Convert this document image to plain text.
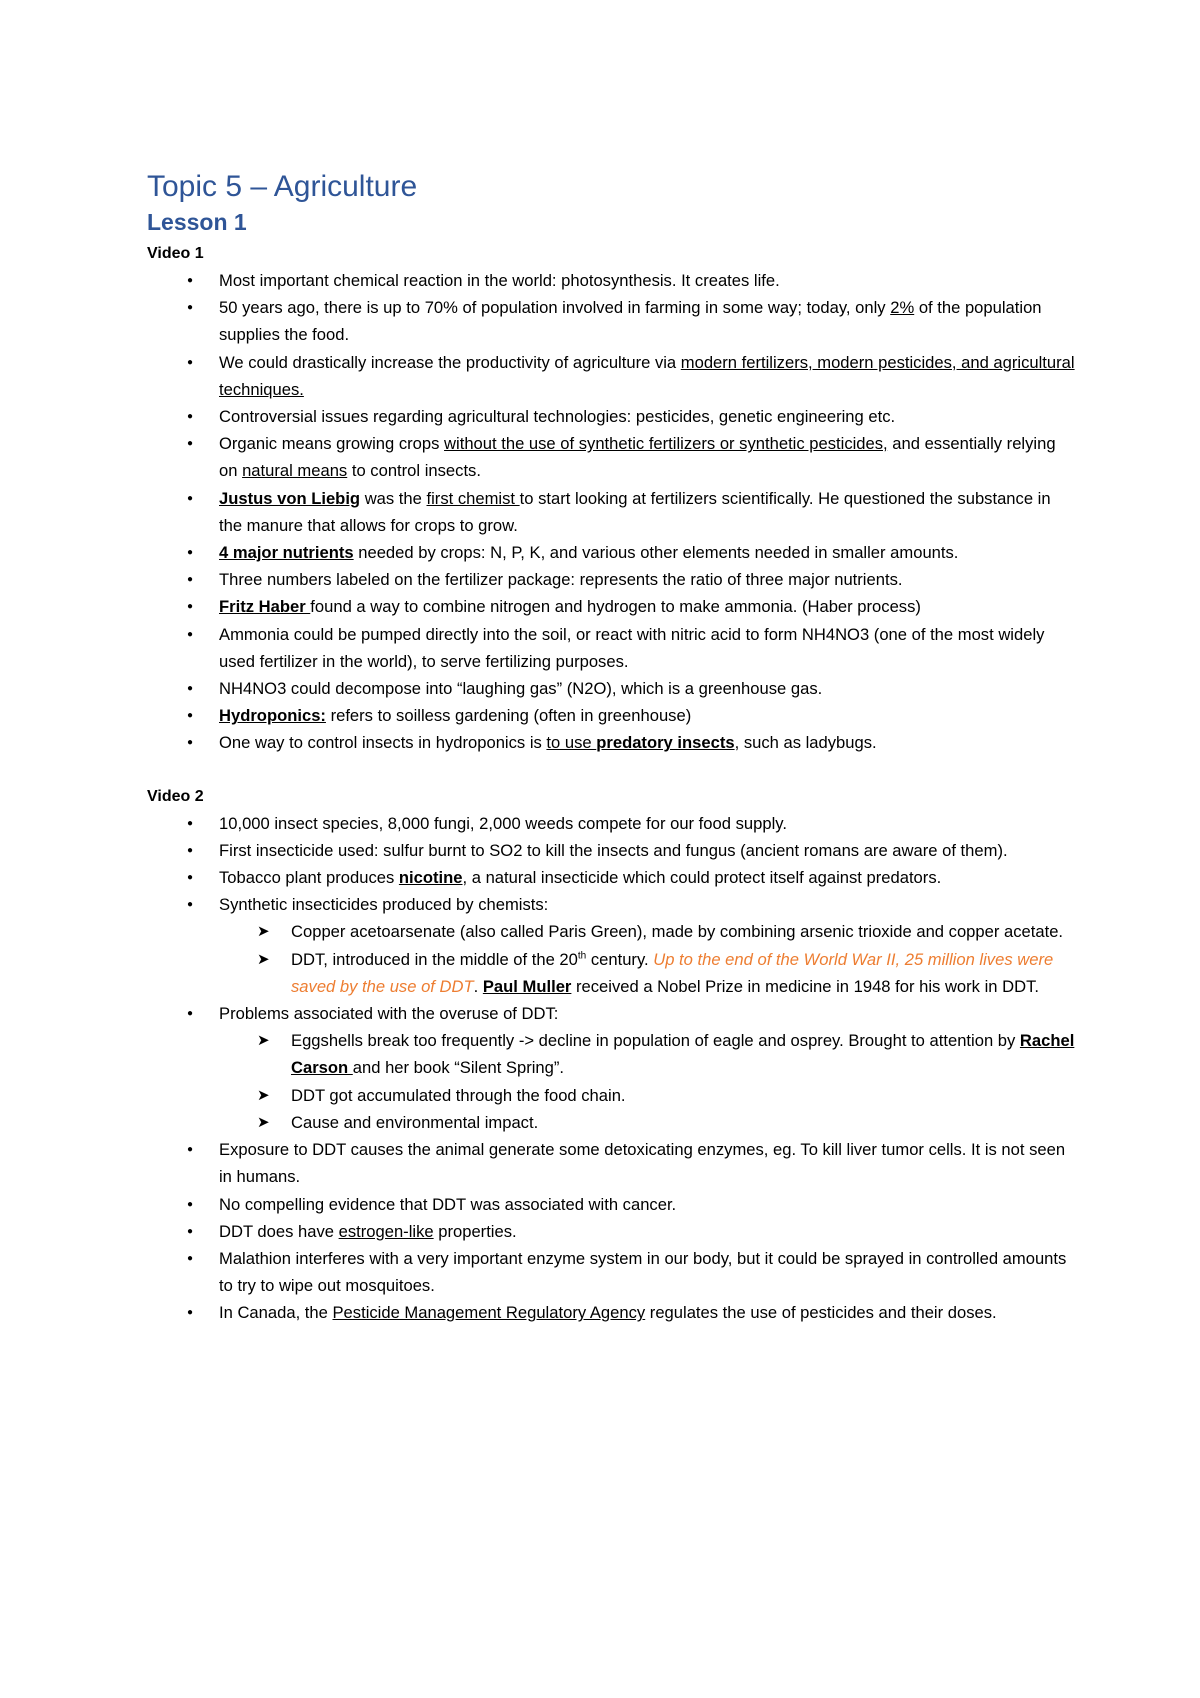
Topic 5 – Agriculture
Lesson 1
Video 1
● Most important chemical reaction in the world: photosynthesis. It creates life.
● 50 years ago, there is up to 70% of population involved in farming in some way; today, only 2% of the population supplies the food.
● We could drastically increase the productivity of agriculture via modern fertilizers, modern pesticides, and agricultural techniques.
● Controversial issues regarding agricultural technologies: pesticides, genetic engineering etc.
● Organic means growing crops without the use of synthetic fertilizers or synthetic pesticides, and essentially relying on natural means to control insects.
● Justus von Liebig was the first chemist to start looking at fertilizers scientifically. He questioned the substance in the manure that allows for crops to grow.
● 4 major nutrients needed by crops: N, P, K, and various other elements needed in smaller amounts.
● Three numbers labeled on the fertilizer package: represents the ratio of three major nutrients.
● Fritz Haber found a way to combine nitrogen and hydrogen to make ammonia. (Haber process)
● Ammonia could be pumped directly into the soil, or react with nitric acid to form NH4NO3 (one of the most widely used fertilizer in the world), to serve fertilizing purposes.
● NH4NO3 could decompose into “laughing gas” (N2O), which is a greenhouse gas.
● Hydroponics: refers to soilless gardening (often in greenhouse)
● One way to control insects in hydroponics is to use predatory insects, such as ladybugs.
Video 2
● 10,000 insect species, 8,000 fungi, 2,000 weeds compete for our food supply.
● First insecticide used: sulfur burnt to SO2 to kill the insects and fungus (ancient romans are aware of them).
● Tobacco plant produces nicotine, a natural insecticide which could protect itself against predators.
● Synthetic insecticides produced by chemists:
➤ Copper acetoarsenate (also called Paris Green), made by combining arsenic trioxide and copper acetate.
➤ DDT, introduced in the middle of the 20th century. Up to the end of the World War II, 25 million lives were saved by the use of DDT. Paul Muller received a Nobel Prize in medicine in 1948 for his work in DDT.
● Problems associated with the overuse of DDT:
➤ Eggshells break too frequently -> decline in population of eagle and osprey. Brought to attention by Rachel Carson and her book “Silent Spring”.
➤ DDT got accumulated through the food chain.
➤ Cause and environmental impact.
● Exposure to DDT causes the animal generate some detoxicating enzymes, eg. To kill liver tumor cells. It is not seen in humans.
● No compelling evidence that DDT was associated with cancer.
● DDT does have estrogen-like properties.
● Malathion interferes with a very important enzyme system in our body, but it could be sprayed in controlled amounts to try to wipe out mosquitoes.
● In Canada, the Pesticide Management Regulatory Agency regulates the use of pesticides and their doses.
